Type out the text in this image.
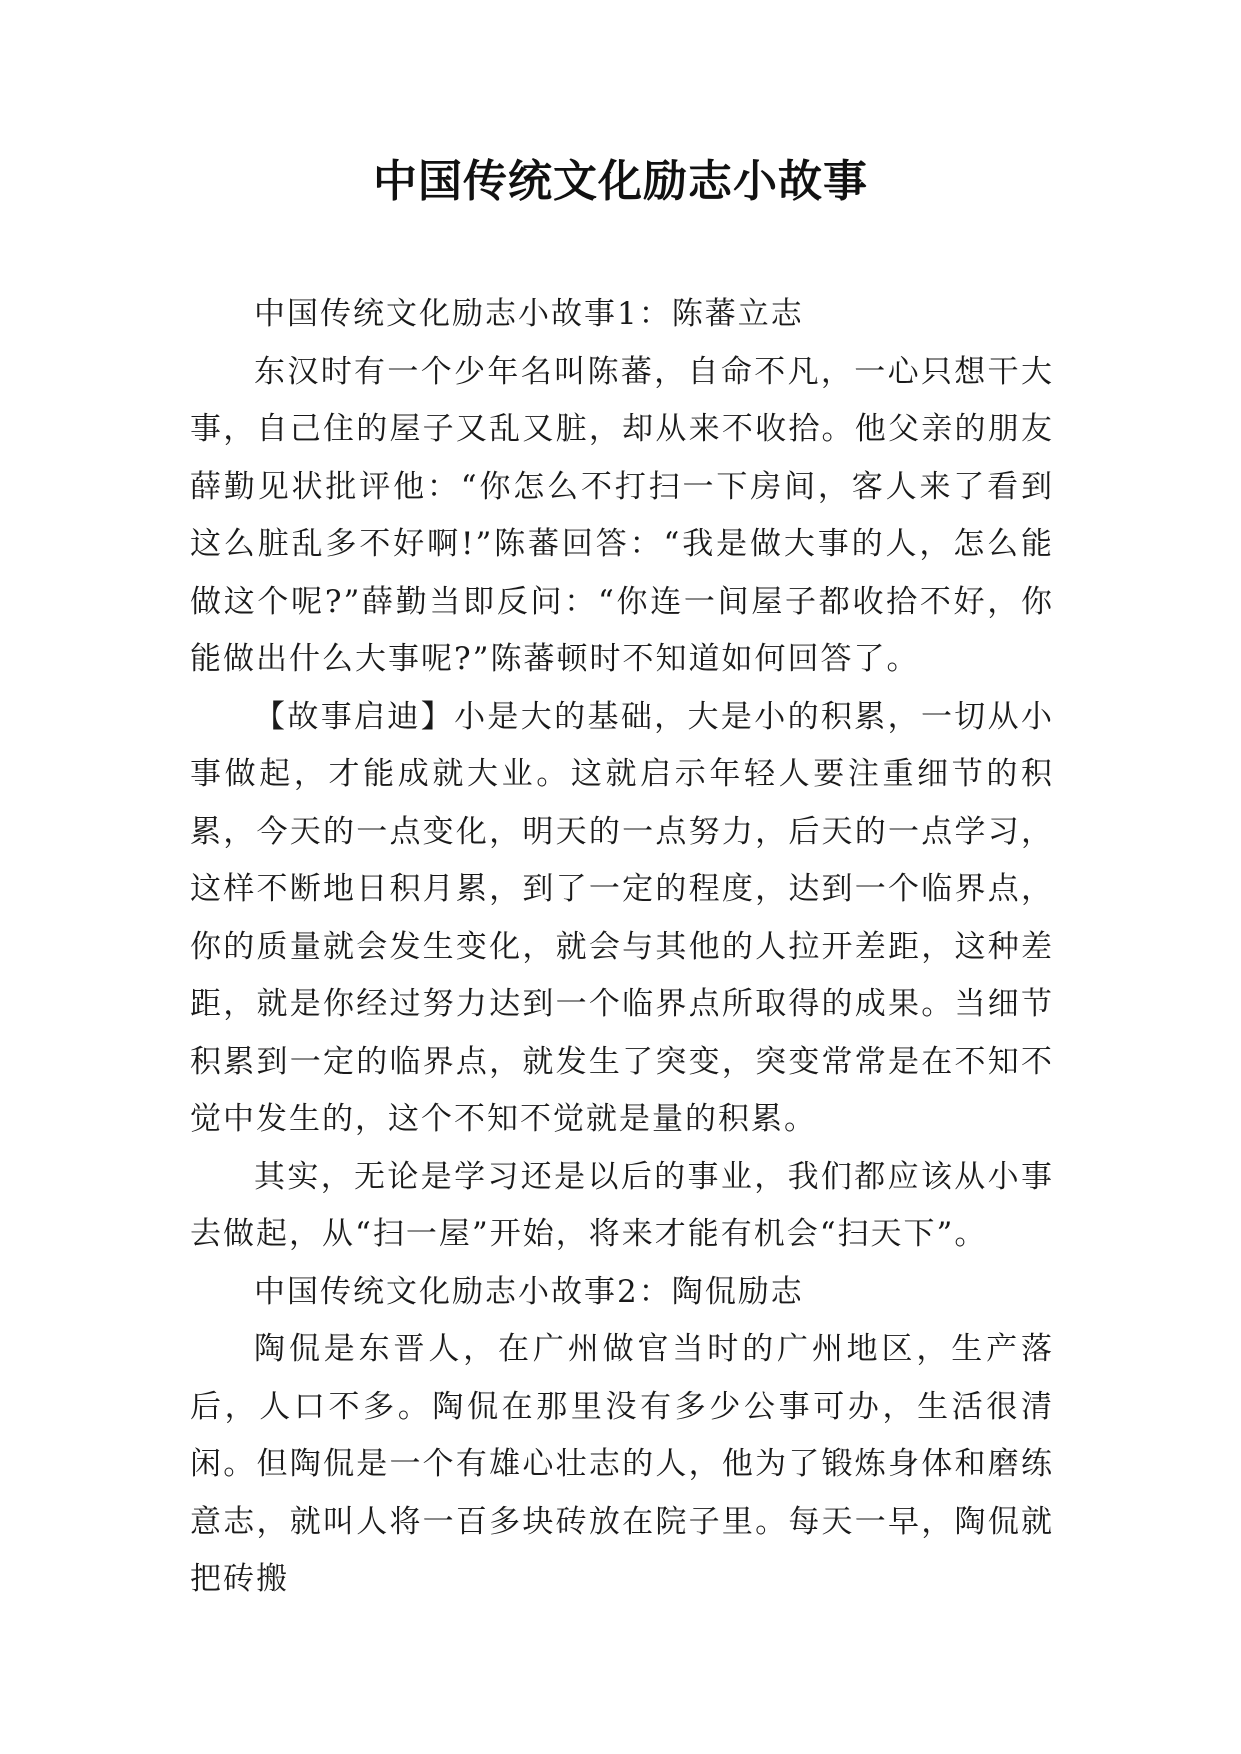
中国传统文化励志小故事

中国传统文化励志小故事1：陈蕃立志

东汉时有一个少年名叫陈蕃，自命不凡，一心只想干大事，自己住的屋子又乱又脏，却从来不收拾。他父亲的朋友薛勤见状批评他：“你怎么不打扫一下房间，客人来了看到这么脏乱多不好啊!”陈蕃回答：“我是做大事的人，怎么能做这个呢?”薛勤当即反问：“你连一间屋子都收拾不好，你能做出什么大事呢?”陈蕃顿时不知道如何回答了。

【故事启迪】小是大的基础，大是小的积累，一切从小事做起，才能成就大业。这就启示年轻人要注重细节的积累，今天的一点变化，明天的一点努力，后天的一点学习，这样不断地日积月累，到了一定的程度，达到一个临界点，你的质量就会发生变化，就会与其他的人拉开差距，这种差距，就是你经过努力达到一个临界点所取得的成果。当细节积累到一定的临界点，就发生了突变，突变常常是在不知不觉中发生的，这个不知不觉就是量的积累。

其实，无论是学习还是以后的事业，我们都应该从小事去做起，从“扫一屋”开始，将来才能有机会“扫天下”。

中国传统文化励志小故事2：陶侃励志

陶侃是东晋人，在广州做官当时的广州地区，生产落后，人口不多。陶侃在那里没有多少公事可办，生活很清闲。但陶侃是一个有雄心壮志的人，他为了锻炼身体和磨练意志，就叫人将一百多块砖放在院子里。每天一早，陶侃就把砖搬
